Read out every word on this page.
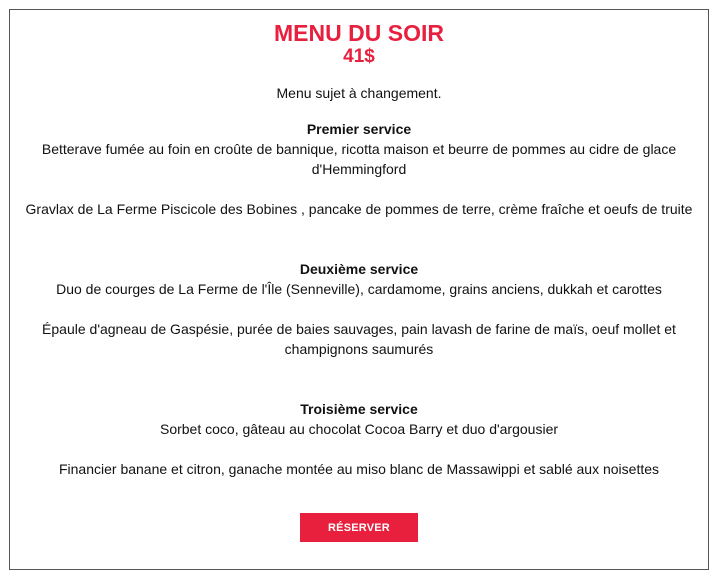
MENU DU SOIR
41$
Menu sujet à changement.
Premier service
Betterave fumée au foin en croûte de bannique, ricotta maison et beurre de pommes au cidre de glace d'Hemmingford
Gravlax de La Ferme Piscicole des Bobines , pancake de pommes de terre, crème fraîche et oeufs de truite
Deuxième service
Duo de courges de La Ferme de l'Île (Senneville), cardamome, grains anciens, dukkah et carottes
Épaule d'agneau de Gaspésie, purée de baies sauvages, pain lavash de farine de maïs, oeuf mollet et champignons saumurés
Troisième service
Sorbet coco, gâteau au chocolat Cocoa Barry et duo d'argousier
Financier banane et citron, ganache montée au miso blanc de Massawippi et sablé aux noisettes
RÉSERVER
